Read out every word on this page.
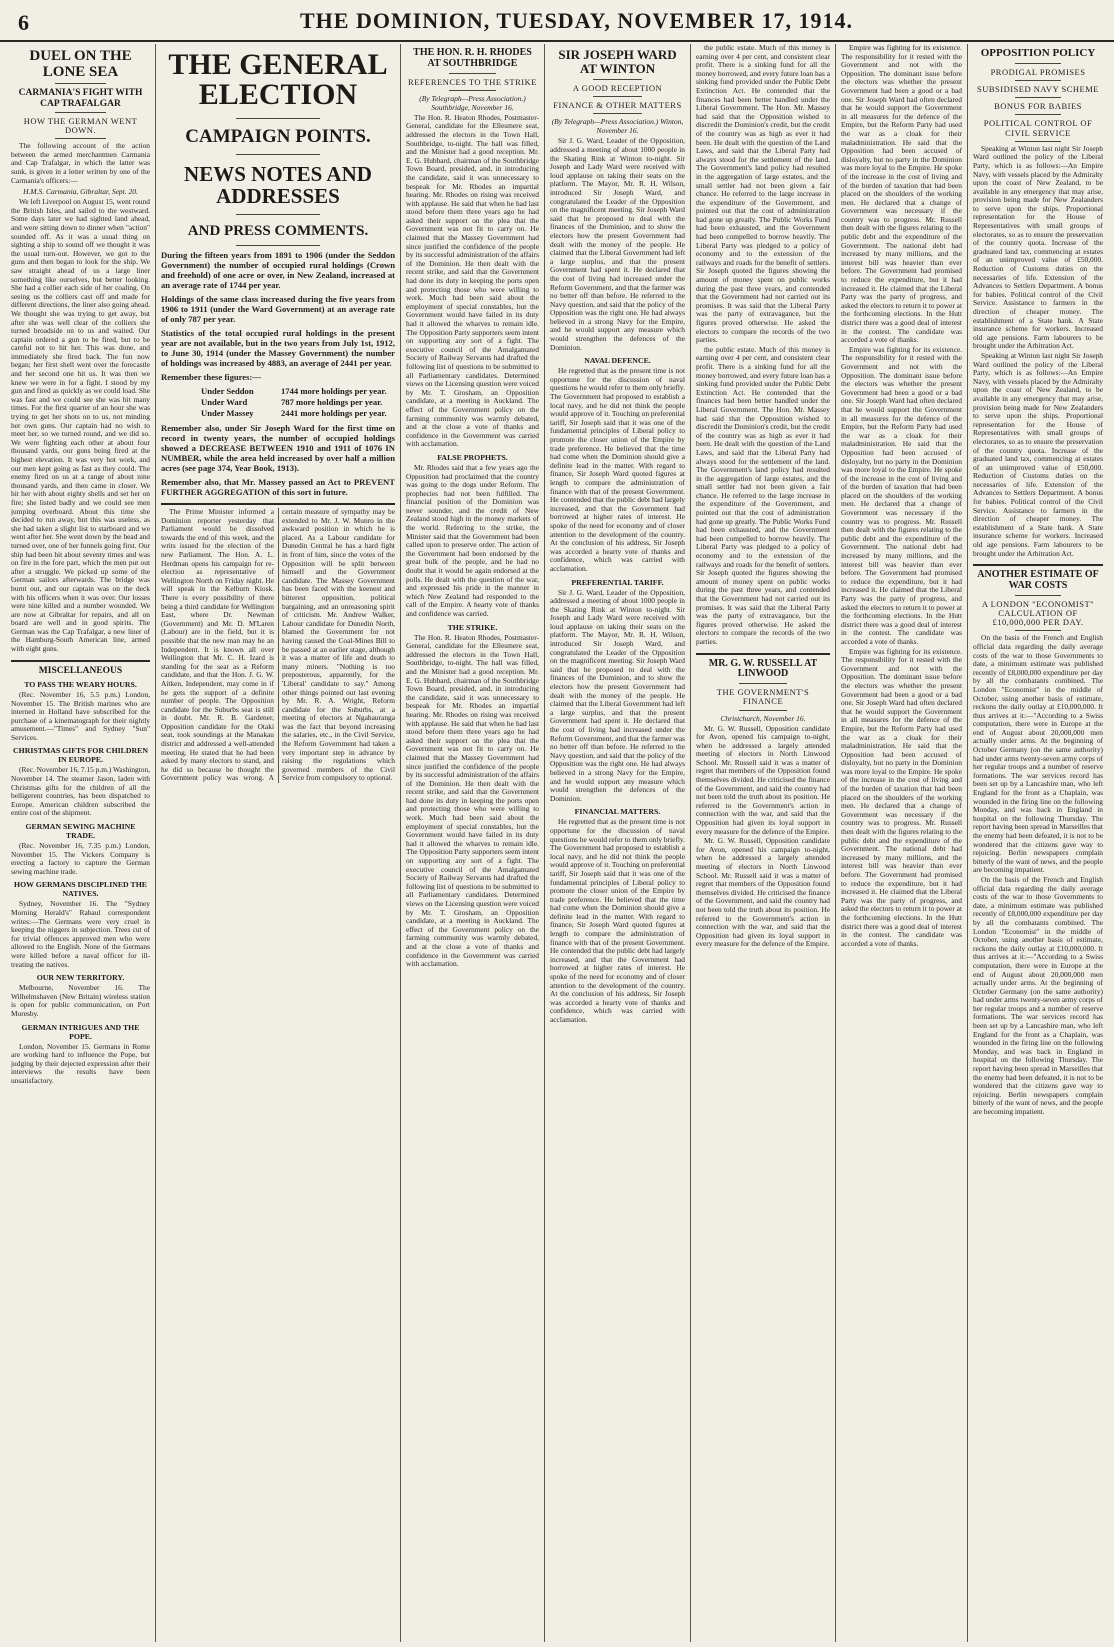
6	THE DOMINION, TUESDAY, NOVEMBER 17, 1914.
DUEL ON THE LONE SEA
CARMANIA'S FIGHT WITH CAP TRAFALGAR
HOW THE GERMAN WENT DOWN.

The following account of the action between the armed merchantmen Carmania and Cap Trafalgar, in which the latter was sunk, is given in a letter written by one of the Carmania's officers:—

H.M.S. Carmania, Gibraltar, Sept. 20.

We left Liverpool on August 15, went round the British Isles, and sailed to the westward. Some days later we had sighted land ahead, and were sitting down to dinner when "action" sounded off. As it was a usual thing on sighting a ship to sound off we thought it was the usual turn-out. However, we got to the guns and then began to look for the ship. We saw straight ahead of us a large liner something like ourselves, but better looking. She had a collier each side of her coaling. On seeing us the colliers cast off and made for different directions, the liner also going ahead. We thought she was trying to get away, but after she was well clear of the colliers she turned broadside on to us and waited. Our captain ordered a gun to be fired, but to be careful not to hit her. This was done, and immediately she fired back. The fun now began; her first shell went over the forecastle and her second one hit us. It was then we knew we were in for a fight. I stood by my gun and fired as quickly as we could load. She was fast and we could see she was hit many times. For the first quarter of an hour she was trying to get her shots on to us, not minding her own guns. Our captain had no wish to meet her, so we turned round, and we did so. We were fighting each other at about four thousand yards, our guns being fired at the highest elevation. It was very hot work, and our men kept going as fast as they could. The enemy fired on us at a range of about nine thousand yards, and then came in closer. We hit her with about eighty shells and set her on fire; she listed badly and we could see men jumping overboard. About this time she decided to run away, but this was useless, as she had taken a slight list to starboard and we went after her. She went down by the head and turned over, one of her funnels going first. Our ship had been hit about seventy times and was on fire in the fore part, which the men put out after a struggle. We picked up some of the German sailors afterwards. The bridge was burnt out, and our captain was on the deck with his officers when it was over. Our losses were nine killed and a number wounded. We are now at Gibraltar for repairs, and all on board are well and in good spirits. The German was the Cap Trafalgar, a new liner of the Hamburg-South American line, armed with eight guns.

MISCELLANEOUS
TO PASS THE WEARY HOURS.

(Rec. November 16, 5.5 p.m.) London, November 15. The British marines who are interned in Holland have subscribed for the purchase of a kinematograph for their nightly amusement.—"Times" and Sydney "Sun" Services.

CHRISTMAS GIFTS FOR CHILDREN IN EUROPE.

(Rec. November 16, 7.15 p.m.) Washington, November 14. The steamer Jason, laden with Christmas gifts for the children of all the belligerent countries, has been dispatched to Europe. American children subscribed the entire cost of the shipment.

GERMAN SEWING MACHINE TRADE.

(Rec. November 16, 7.35 p.m.) London, November 15. The Vickers Company is erecting a factory to capture the German sewing machine trade.

HOW GERMANS DISCIPLINED THE NATIVES.

Sydney, November 16. The "Sydney Morning Herald's" Rabaul correspondent writes:—The Germans were very cruel in keeping the niggers in subjection. Trees cut of for trivial offences approved men who were allowed to the English. None of the Germans were killed before a naval officer for ill-treating the natives.

OUR NEW TERRITORY.

Melbourne, November 16. The Wilhelmshaven (New Britain) wireless station is open for public communication, on Port Moresby.

GERMAN INTRIGUES AND THE POPE.

London, November 15. Germans in Rome are working hard to influence the Pope, but judging by their dejected expression after their interviews the results have been unsatisfactory.

THE GENERAL ELECTION
CAMPAIGN POINTS.
NEWS NOTES AND ADDRESSES
AND PRESS COMMENTS.

During the fifteen years from 1891 to 1906 (under the Seddon Government) the number of occupied rural holdings (Crown and freehold) of one acre or over, in New Zealand, increased at an average rate of 1744 per year.

Holdings of the same class increased during the five years from 1906 to 1911 (under the Ward Government) at an average rate of only 787 per year.

Statistics of the total occupied rural holdings in the present year are not available, but in the two years from July 1st, 1912, to June 30, 1914 (under the Massey Government) the number of holdings was increased by 4883, an average of 2441 per year.

Remember these figures:—

Under Seddon	1744 more holdings per year.
Under Ward	787 more holdings per year.
Under Massey	2441 more holdings per year.

Remember also, under Sir Joseph Ward for the first time on record in twenty years, the number of occupied holdings showed a DECREASE BETWEEN 1910 and 1911 of 1076 IN NUMBER, while the area held increased by over half a million acres (see page 374, Year Book, 1913).

Remember also, that Mr. Massey passed an Act to PREVENT FURTHER AGGREGATION of this sort in future.

The Prime Minister informed a Dominion reporter yesterday that Parliament would be dissolved towards the end of this week, and the writs issued for the election of the new Parliament. The Hon. A. L. Herdman opens his campaign for re-election as representative of Wellington North on Friday night. He will speak in the Kelburn Kiosk. There is every possibility of there being a third candidate for Wellington East, where Dr. Newman (Government) and Mr. D. M'Laren (Labour) are in the field, but it is possible that the new man may be an Independent. It is known all over Wellington that Mr. C. H. Izard is standing for the seat as a Reform candidate, and that the Hon. J. G. W. Aitken, Independent, may come in if he gets the support of a definite number of people. The Opposition candidate for the Suburbs seat is still in doubt. Mr. R. B. Gardener, Opposition candidate for the Otaki seat, took soundings at the Manakau district and addressed a well-attended meeting. He stated that he had been asked by many electors to stand, and he did so because he thought the Government policy was wrong. A certain measure of sympathy may be extended to Mr. J. W. Munro in the awkward position in which he is placed. As a Labour candidate for Dunedin Central he has a hard fight in front of him, since the votes of the Opposition will be split between himself and the Government candidate. The Massey Government has been faced with the keenest and bitterest opposition, political bargaining, and an unreasoning spirit of criticism. Mr. Andrew Walker, Labour candidate for Dunedin North, blamed the Government for not having caused the Coal-Mines Bill to be passed at an earlier stage, although it was a matter of life and death to many miners. "Nothing is too preposterous, apparently, for the 'Liberal' candidate to say." Among other things pointed out last evening by Mr. R. A. Wright, Reform candidate for the Suburbs, at a meeting of electors at Ngahauranga was the fact that beyond increasing the salaries, etc., in the Civil Service, the Reform Government had taken a very important step in advance by raising the regulations which governed members of the Civil Service from compulsory to optional.

THE HON. R. H. RHODES AT SOUTHBRIDGE
REFERENCES TO THE STRIKE
(By Telegraph—Press Association.) Southbridge, November 16.

The Hon. R. Heaton Rhodes, Postmaster-General, candidate for the Ellesmere seat, addressed the electors in the Town Hall, Southbridge, to-night. The hall was filled, and the Minister had a good reception. Mr. E. G. Hubbard, chairman of the Southbridge Town Board, presided, and, in introducing the candidate, said it was unnecessary to bespeak for Mr. Rhodes an impartial hearing. Mr. Rhodes on rising was received with applause. He said that when he had last stood before them three years ago he had asked their support on the plea that the Government was not fit to carry on. He claimed that the Massey Government had since justified the confidence of the people by its successful administration of the affairs of the Dominion. He then dealt with the recent strike, and said that the Government had done its duty in keeping the ports open and protecting those who were willing to work. Much had been said about the employment of special constables, but the Government would have failed in its duty had it allowed the wharves to remain idle. The Opposition Party supporters seem intent on supporting any sort of a fight. The executive council of the Amalgamated Society of Railway Servants had drafted the following list of questions to be submitted to all Parliamentary candidates. Determined views on the Licensing question were voiced by Mr. T. Grosham, an Opposition candidate, at a meeting in Auckland. The effect of the Government policy on the farming community was warmly debated, and at the close a vote of thanks and confidence in the Government was carried with acclamation.

FALSE PROPHETS.

Mr. Rhodes said that a few years ago the Opposition had proclaimed that the country was going to the dogs under Reform. The prophecies had not been fulfilled. The financial position of the Dominion was never sounder, and the credit of New Zealand stood high in the money markets of the world. Referring to the strike, the Minister said that the Government had been called upon to preserve order. The action of the Government had been endorsed by the great bulk of the people, and he had no doubt that it would be again endorsed at the polls. He dealt with the question of the war, and expressed his pride in the manner in which New Zealand had responded to the call of the Empire. A hearty vote of thanks and confidence was carried.

THE STRIKE.

The Hon. R. Heaton Rhodes, Postmaster-General, candidate for the Ellesmere seat, addressed the electors in the Town Hall, Southbridge, to-night. The hall was filled, and the Minister had a good reception. Mr. E. G. Hubbard, chairman of the Southbridge Town Board, presided, and, in introducing the candidate, said it was unnecessary to bespeak for Mr. Rhodes an impartial hearing. Mr. Rhodes on rising was received with applause. He said that when he had last stood before them three years ago he had asked their support on the plea that the Government was not fit to carry on. He claimed that the Massey Government had since justified the confidence of the people by its successful administration of the affairs of the Dominion. He then dealt with the recent strike, and said that the Government had done its duty in keeping the ports open and protecting those who were willing to work. Much had been said about the employment of special constables, but the Government would have failed in its duty had it allowed the wharves to remain idle. The Opposition Party supporters seem intent on supporting any sort of a fight. The executive council of the Amalgamated Society of Railway Servants had drafted the following list of questions to be submitted to all Parliamentary candidates. Determined views on the Licensing question were voiced by Mr. T. Grosham, an Opposition candidate, at a meeting in Auckland. The effect of the Government policy on the farming community was warmly debated, and at the close a vote of thanks and confidence in the Government was carried with acclamation.

SIR JOSEPH WARD AT WINTON
A GOOD RECEPTION
FINANCE & OTHER MATTERS
(By Telegraph—Press Association.) Winton, November 16.

Sir J. G. Ward, Leader of the Opposition, addressed a meeting of about 1000 people in the Skating Rink at Winton to-night. Sir Joseph and Lady Ward were received with loud applause on taking their seats on the platform. The Mayor, Mr. R. H. Wilson, introduced Sir Joseph Ward, and congratulated the Leader of the Opposition on the magnificent meeting. Sir Joseph Ward said that he proposed to deal with the finances of the Dominion, and to show the electors how the present Government had dealt with the money of the people. He claimed that the Liberal Government had left a large surplus, and that the present Government had spent it. He declared that the cost of living had increased under the Reform Government, and that the farmer was no better off than before. He referred to the Navy question, and said that the policy of the Opposition was the right one. He had always believed in a strong Navy for the Empire, and he would support any measure which would strengthen the defences of the Dominion.

NAVAL DEFENCE.

He regretted that as the present time is not opportune for the discussion of naval questions he would refer to them only briefly. The Government had proposed to establish a local navy, and he did not think the people would approve of it. Touching on preferential tariff, Sir Joseph said that it was one of the fundamental principles of Liberal policy to promote the closer union of the Empire by trade preference. He believed that the time had come when the Dominion should give a definite lead in the matter. With regard to finance, Sir Joseph Ward quoted figures at length to compare the administration of finance with that of the present Government. He contended that the public debt had largely increased, and that the Government had borrowed at higher rates of interest. He spoke of the need for economy and of closer attention to the development of the country. At the conclusion of his address, Sir Joseph was accorded a hearty vote of thanks and confidence, which was carried with acclamation.

PREFERENTIAL TARIFF.

Sir J. G. Ward, Leader of the Opposition, addressed a meeting of about 1000 people in the Skating Rink at Winton to-night. Sir Joseph and Lady Ward were received with loud applause on taking their seats on the platform. The Mayor, Mr. R. H. Wilson, introduced Sir Joseph Ward, and congratulated the Leader of the Opposition on the magnificent meeting. Sir Joseph Ward said that he proposed to deal with the finances of the Dominion, and to show the electors how the present Government had dealt with the money of the people. He claimed that the Liberal Government had left a large surplus, and that the present Government had spent it. He declared that the cost of living had increased under the Reform Government, and that the farmer was no better off than before. He referred to the Navy question, and said that the policy of the Opposition was the right one. He had always believed in a strong Navy for the Empire, and he would support any measure which would strengthen the defences of the Dominion.

FINANCIAL MATTERS.

He regretted that as the present time is not opportune for the discussion of naval questions he would refer to them only briefly. The Government had proposed to establish a local navy, and he did not think the people would approve of it. Touching on preferential tariff, Sir Joseph said that it was one of the fundamental principles of Liberal policy to promote the closer union of the Empire by trade preference. He believed that the time had come when the Dominion should give a definite lead in the matter. With regard to finance, Sir Joseph Ward quoted figures at length to compare the administration of finance with that of the present Government. He contended that the public debt had largely increased, and that the Government had borrowed at higher rates of interest. He spoke of the need for economy and of closer attention to the development of the country. At the conclusion of his address, Sir Joseph was accorded a hearty vote of thanks and confidence, which was carried with acclamation.

the public estate. Much of this money is earning over 4 per cent, and consistent clear profit. There is a sinking fund for all the money borrowed, and every future loan has a sinking fund provided under the Public Debt Extinction Act. He contended that the finances had been better handled under the Liberal Government. The Hon. Mr. Massey had said that the Opposition wished to discredit the Dominion's credit, but the credit of the country was as high as ever it had been. He dealt with the question of the Land Laws, and said that the Liberal Party had always stood for the settlement of the land. The Government's land policy had resulted in the aggregation of large estates, and the small settler had not been given a fair chance. He referred to the large increase in the expenditure of the Government, and pointed out that the cost of administration had gone up greatly. The Public Works Fund had been exhausted, and the Government had been compelled to borrow heavily. The Liberal Party was pledged to a policy of economy and to the extension of the railways and roads for the benefit of settlers. Sir Joseph quoted the figures showing the amount of money spent on public works during the past three years, and contended that the Government had not carried out its promises. It was said that the Liberal Party was the party of extravagance, but the figures proved otherwise. He asked the electors to compare the records of the two parties.

the public estate. Much of this money is earning over 4 per cent, and consistent clear profit. There is a sinking fund for all the money borrowed, and every future loan has a sinking fund provided under the Public Debt Extinction Act. He contended that the finances had been better handled under the Liberal Government. The Hon. Mr. Massey had said that the Opposition wished to discredit the Dominion's credit, but the credit of the country was as high as ever it had been. He dealt with the question of the Land Laws, and said that the Liberal Party had always stood for the settlement of the land. The Government's land policy had resulted in the aggregation of large estates, and the small settler had not been given a fair chance. He referred to the large increase in the expenditure of the Government, and pointed out that the cost of administration had gone up greatly. The Public Works Fund had been exhausted, and the Government had been compelled to borrow heavily. The Liberal Party was pledged to a policy of economy and to the extension of the railways and roads for the benefit of settlers. Sir Joseph quoted the figures showing the amount of money spent on public works during the past three years, and contended that the Government had not carried out its promises. It was said that the Liberal Party was the party of extravagance, but the figures proved otherwise. He asked the electors to compare the records of the two parties.

MR. G. W. RUSSELL AT LINWOOD
THE GOVERNMENT'S FINANCE
Christchurch, November 16.

Mr. G. W. Russell, Opposition candidate for Avon, opened his campaign to-night, when he addressed a largely attended meeting of electors in North Linwood School. Mr. Russell said it was a matter of regret that members of the Opposition found themselves divided. He criticised the finance of the Government, and said the country had not been told the truth about its position. He referred to the Government's action in connection with the war, and said that the Opposition had given its loyal support in every measure for the defence of the Empire.

Mr. G. W. Russell, Opposition candidate for Avon, opened his campaign to-night, when he addressed a largely attended meeting of electors in North Linwood School. Mr. Russell said it was a matter of regret that members of the Opposition found themselves divided. He criticised the finance of the Government, and said the country had not been told the truth about its position. He referred to the Government's action in connection with the war, and said that the Opposition had given its loyal support in every measure for the defence of the Empire.

Empire was fighting for its existence. The responsibility for it rested with the Government and not with the Opposition. The dominant issue before the electors was whether the present Government had been a good or a bad one. Sir Joseph Ward had often declared that he would support the Government in all measures for the defence of the Empire, but the Reform Party had used the war as a cloak for their maladministration. He said that the Opposition had been accused of disloyalty, but no party in the Dominion was more loyal to the Empire. He spoke of the increase in the cost of living and of the burden of taxation that had been placed on the shoulders of the working men. He declared that a change of Government was necessary if the country was to progress. Mr. Russell then dealt with the figures relating to the public debt and the expenditure of the Government. The national debt had increased by many millions, and the interest bill was heavier than ever before. The Government had promised to reduce the expenditure, but it had increased it. He claimed that the Liberal Party was the party of progress, and asked the electors to return it to power at the forthcoming elections. In the Hutt district there was a good deal of interest in the contest. The candidate was accorded a vote of thanks.

Empire was fighting for its existence. The responsibility for it rested with the Government and not with the Opposition. The dominant issue before the electors was whether the present Government had been a good or a bad one. Sir Joseph Ward had often declared that he would support the Government in all measures for the defence of the Empire, but the Reform Party had used the war as a cloak for their maladministration. He said that the Opposition had been accused of disloyalty, but no party in the Dominion was more loyal to the Empire. He spoke of the increase in the cost of living and of the burden of taxation that had been placed on the shoulders of the working men. He declared that a change of Government was necessary if the country was to progress. Mr. Russell then dealt with the figures relating to the public debt and the expenditure of the Government. The national debt had increased by many millions, and the interest bill was heavier than ever before. The Government had promised to reduce the expenditure, but it had increased it. He claimed that the Liberal Party was the party of progress, and asked the electors to return it to power at the forthcoming elections. In the Hutt district there was a good deal of interest in the contest. The candidate was accorded a vote of thanks.

Empire was fighting for its existence. The responsibility for it rested with the Government and not with the Opposition. The dominant issue before the electors was whether the present Government had been a good or a bad one. Sir Joseph Ward had often declared that he would support the Government in all measures for the defence of the Empire, but the Reform Party had used the war as a cloak for their maladministration. He said that the Opposition had been accused of disloyalty, but no party in the Dominion was more loyal to the Empire. He spoke of the increase in the cost of living and of the burden of taxation that had been placed on the shoulders of the working men. He declared that a change of Government was necessary if the country was to progress. Mr. Russell then dealt with the figures relating to the public debt and the expenditure of the Government. The national debt had increased by many millions, and the interest bill was heavier than ever before. The Government had promised to reduce the expenditure, but it had increased it. He claimed that the Liberal Party was the party of progress, and asked the electors to return it to power at the forthcoming elections. In the Hutt district there was a good deal of interest in the contest. The candidate was accorded a vote of thanks.

OPPOSITION POLICY
PRODIGAL PROMISES
SUBSIDISED NAVY SCHEME
BONUS FOR BABIES
POLITICAL CONTROL OF CIVIL SERVICE

Speaking at Winton last night Sir Joseph Ward outlined the policy of the Liberal Party, which is as follows:—An Empire Navy, with vessels placed by the Admiralty upon the coast of New Zealand, to be available in any emergency that may arise, provision being made for New Zealanders to serve upon the ships. Proportional representation for the House of Representatives with small groups of electorates, so as to ensure the preservation of the country quota. Increase of the graduated land tax, commencing at estates of an unimproved value of £50,000. Reduction of Customs duties on the necessaries of life. Extension of the Advances to Settlers Department. A bonus for babies. Political control of the Civil Service. Assistance to farmers in the direction of cheaper money. The establishment of a State bank. A State insurance scheme for workers. Increased old age pensions. Farm labourers to be brought under the Arbitration Act.

Speaking at Winton last night Sir Joseph Ward outlined the policy of the Liberal Party, which is as follows:—An Empire Navy, with vessels placed by the Admiralty upon the coast of New Zealand, to be available in any emergency that may arise, provision being made for New Zealanders to serve upon the ships. Proportional representation for the House of Representatives with small groups of electorates, so as to ensure the preservation of the country quota. Increase of the graduated land tax, commencing at estates of an unimproved value of £50,000. Reduction of Customs duties on the necessaries of life. Extension of the Advances to Settlers Department. A bonus for babies. Political control of the Civil Service. Assistance to farmers in the direction of cheaper money. The establishment of a State bank. A State insurance scheme for workers. Increased old age pensions. Farm labourers to be brought under the Arbitration Act.

ANOTHER ESTIMATE OF WAR COSTS
A LONDON "ECONOMIST" CALCULATION OF £10,000,000 PER DAY.

On the basis of the French and English official data regarding the daily average costs of the war to those Governments to date, a minimum estimate was published recently of £8,000,000 expenditure per day by all the combatants combined. The London "Economist" in the middle of October, using another basis of estimate, reckons the daily outlay at £10,000,000. It thus arrives at it:—"According to a Swiss computation, there were in Europe at the end of August about 20,000,000 men actually under arms. At the beginning of October Germany (on the same authority) had under arms twenty-seven army corps of her regular troops and a number of reserve formations. The war services record has been set up by a Lancashire man, who left England for the front as a Chaplain, was wounded in the firing line on the following Monday, and was back in England in hospital on the following Thursday. The report having been spread in Marseilles that the enemy had been defeated, it is not to be wondered that the citizens gave way to rejoicing. Berlin newspapers complain bitterly of the want of news, and the people are becoming impatient.

On the basis of the French and English official data regarding the daily average costs of the war to those Governments to date, a minimum estimate was published recently of £8,000,000 expenditure per day by all the combatants combined. The London "Economist" in the middle of October, using another basis of estimate, reckons the daily outlay at £10,000,000. It thus arrives at it:—"According to a Swiss computation, there were in Europe at the end of August about 20,000,000 men actually under arms. At the beginning of October Germany (on the same authority) had under arms twenty-seven army corps of her regular troops and a number of reserve formations. The war services record has been set up by a Lancashire man, who left England for the front as a Chaplain, was wounded in the firing line on the following Monday, and was back in England in hospital on the following Thursday. The report having been spread in Marseilles that the enemy had been defeated, it is not to be wondered that the citizens gave way to rejoicing. Berlin newspapers complain bitterly of the want of news, and the people are becoming impatient.
